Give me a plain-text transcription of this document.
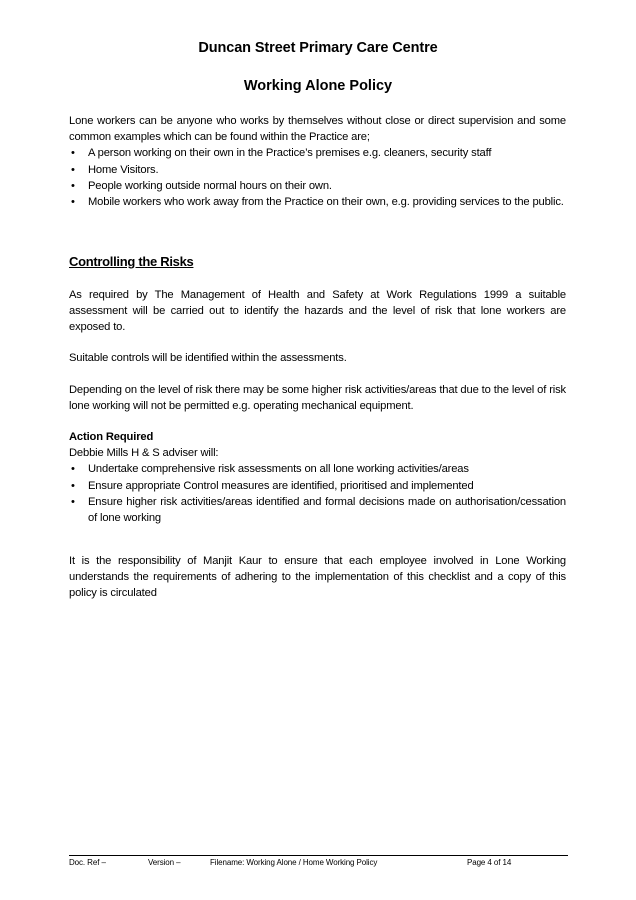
Duncan Street Primary Care Centre
Working Alone Policy

Lone workers can be anyone who works by themselves without close or direct supervision and some common examples which can be found within the Practice are;

• A person working on their own in the Practice’s premises e.g. cleaners, security staff
• Home Visitors.
• People working outside normal hours on their own.
• Mobile workers who work away from the Practice on their own, e.g. providing services to the public.
Controlling the Risks

As required by The Management of Health and Safety at Work Regulations 1999 a suitable assessment will be carried out to identify the hazards and the level of risk that lone workers are exposed to.

Suitable controls will be identified within the assessments.

Depending on the level of risk there may be some higher risk activities/areas that due to the level of risk lone working will not be permitted e.g. operating mechanical equipment.

Action Required
Debbie Mills H & S adviser will:
• Undertake comprehensive risk assessments on all lone working activities/areas
• Ensure appropriate Control measures are identified, prioritised and implemented
• Ensure higher risk activities/areas identified and formal decisions made on authorisation/cessation of lone working

It is the responsibility of Manjit Kaur to ensure that each employee involved in Lone Working understands the requirements of adhering to the implementation of this checklist and a copy of this policy is circulated

Doc. Ref –	Version –	Filename: Working Alone / Home Working Policy	Page 4 of 14
